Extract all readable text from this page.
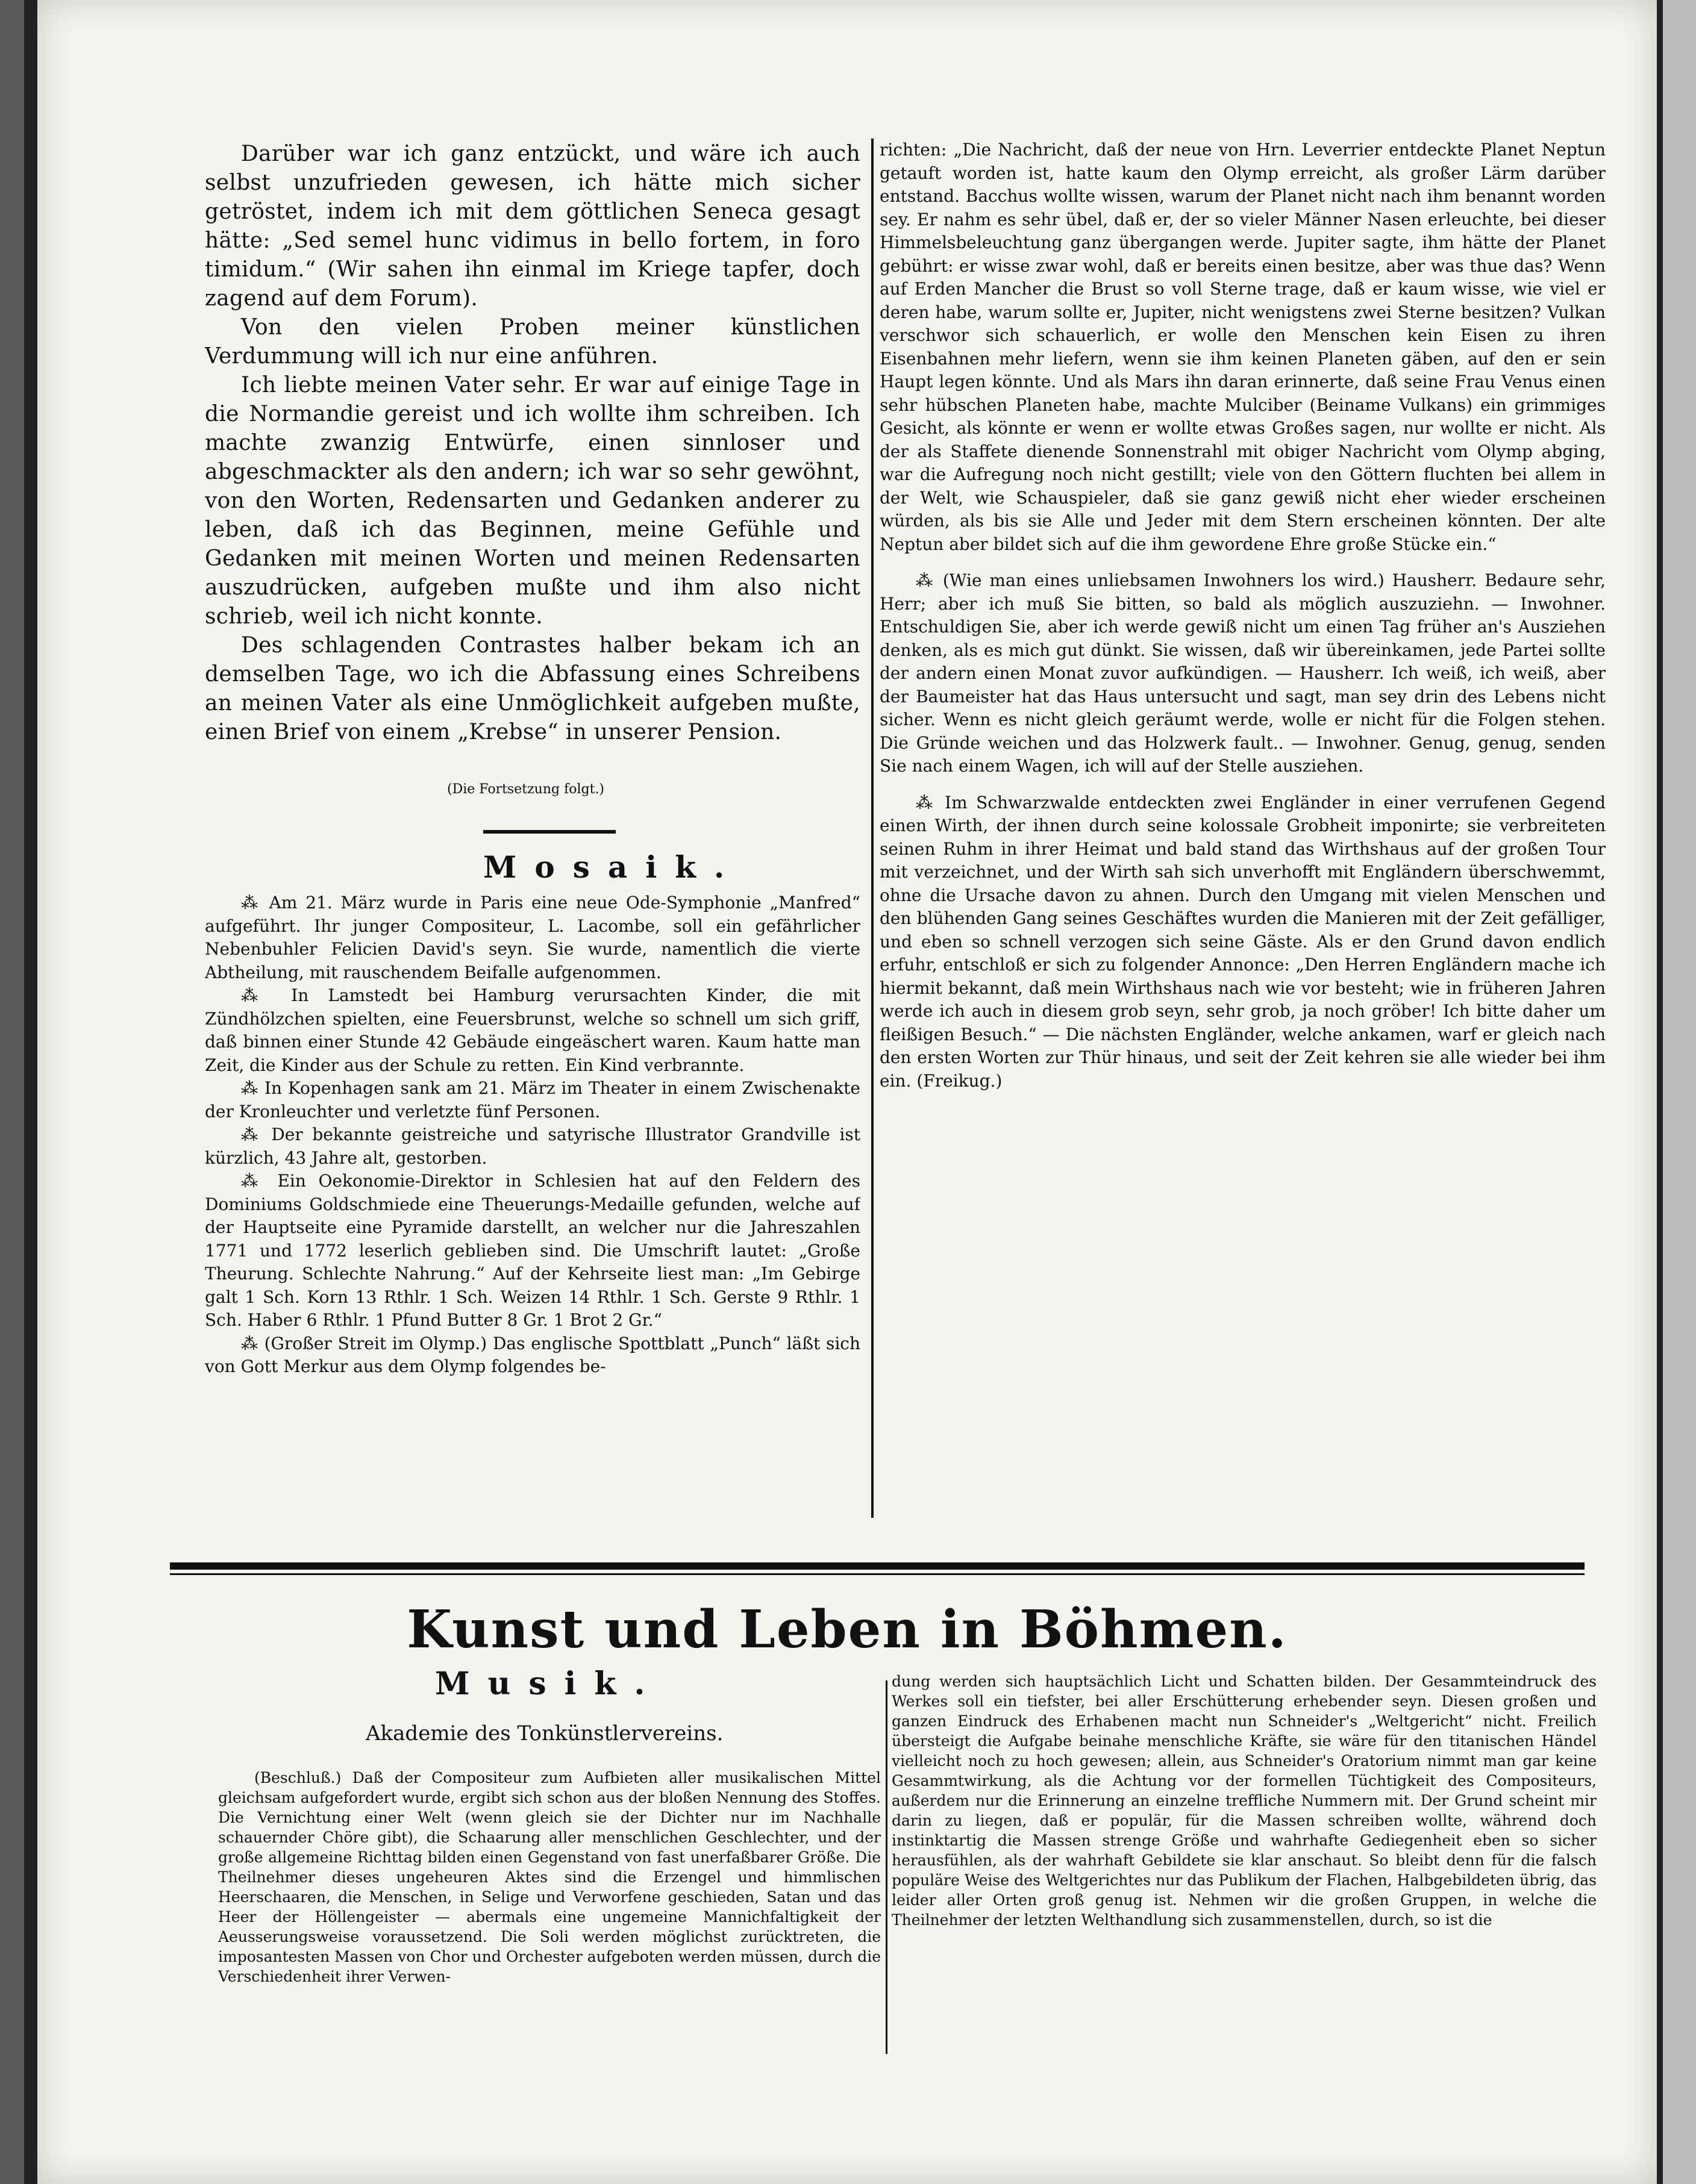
Darüber war ich ganz entzückt, und wäre ich auch selbst unzufrieden gewesen, ich hätte mich sicher getröstet, indem ich mit dem göttlichen Seneca gesagt hätte: „Sed semel hunc vidimus in bello fortem, in foro timidum.“ (Wir sahen ihn einmal im Kriege tapfer, doch zagend auf dem Forum).

Von den vielen Proben meiner künstlichen Verdummung will ich nur eine anführen.

Ich liebte meinen Vater sehr. Er war auf einige Tage in die Normandie gereist und ich wollte ihm schreiben. Ich machte zwanzig Entwürfe, einen sinnloser und abgeschmackter als den andern; ich war so sehr gewöhnt, von den Worten, Redensarten und Gedanken anderer zu leben, daß ich das Beginnen, meine Gefühle und Gedanken mit meinen Worten und meinen Redensarten auszudrücken, aufgeben mußte und ihm also nicht schrieb, weil ich nicht konnte.

Des schlagenden Contrastes halber bekam ich an demselben Tage, wo ich die Abfassung eines Schreibens an meinen Vater als eine Unmöglichkeit aufgeben mußte, einen Brief von einem „Krebse“ in unserer Pension.

(Die Fortsetzung folgt.)
Mosaik.

⁂ Am 21. März wurde in Paris eine neue Ode-Symphonie „Manfred“ aufgeführt. Ihr junger Compositeur, L. Lacombe, soll ein gefährlicher Nebenbuhler Felicien David's seyn. Sie wurde, namentlich die vierte Abtheilung, mit rauschendem Beifalle aufgenommen.

⁂ In Lamstedt bei Hamburg verursachten Kinder, die mit Zündhölzchen spielten, eine Feuersbrunst, welche so schnell um sich griff, daß binnen einer Stunde 42 Gebäude eingeäschert waren. Kaum hatte man Zeit, die Kinder aus der Schule zu retten. Ein Kind verbrannte.

⁂ In Kopenhagen sank am 21. März im Theater in einem Zwischenakte der Kronleuchter und verletzte fünf Personen.

⁂ Der bekannte geistreiche und satyrische Illustrator Grandville ist kürzlich, 43 Jahre alt, gestorben.

⁂ Ein Oekonomie-Direktor in Schlesien hat auf den Feldern des Dominiums Goldschmiede eine Theuerungs-Medaille gefunden, welche auf der Hauptseite eine Pyramide darstellt, an welcher nur die Jahreszahlen 1771 und 1772 leserlich geblieben sind. Die Umschrift lautet: „Große Theurung. Schlechte Nahrung.“ Auf der Kehrseite liest man: „Im Gebirge galt 1 Sch. Korn 13 Rthlr. 1 Sch. Weizen 14 Rthlr. 1 Sch. Gerste 9 Rthlr. 1 Sch. Haber 6 Rthlr. 1 Pfund Butter 8 Gr. 1 Brot 2 Gr.“

⁂ (Großer Streit im Olymp.) Das englische Spottblatt „Punch“ läßt sich von Gott Merkur aus dem Olymp folgendes be-

richten: „Die Nachricht, daß der neue von Hrn. Leverrier entdeckte Planet Neptun getauft worden ist, hatte kaum den Olymp erreicht, als großer Lärm darüber entstand. Bacchus wollte wissen, warum der Planet nicht nach ihm benannt worden sey. Er nahm es sehr übel, daß er, der so vieler Männer Nasen erleuchte, bei dieser Himmelsbeleuchtung ganz übergangen werde. Jupiter sagte, ihm hätte der Planet gebührt: er wisse zwar wohl, daß er bereits einen besitze, aber was thue das? Wenn auf Erden Mancher die Brust so voll Sterne trage, daß er kaum wisse, wie viel er deren habe, warum sollte er, Jupiter, nicht wenigstens zwei Sterne besitzen? Vulkan verschwor sich schauerlich, er wolle den Menschen kein Eisen zu ihren Eisenbahnen mehr liefern, wenn sie ihm keinen Planeten gäben, auf den er sein Haupt legen könnte. Und als Mars ihn daran erinnerte, daß seine Frau Venus einen sehr hübschen Planeten habe, machte Mulciber (Beiname Vulkans) ein grimmiges Gesicht, als könnte er wenn er wollte etwas Großes sagen, nur wollte er nicht. Als der als Staffete dienende Sonnenstrahl mit obiger Nachricht vom Olymp abging, war die Aufregung noch nicht gestillt; viele von den Göttern fluchten bei allem in der Welt, wie Schauspieler, daß sie ganz gewiß nicht eher wieder erscheinen würden, als bis sie Alle und Jeder mit dem Stern erscheinen könnten. Der alte Neptun aber bildet sich auf die ihm gewordene Ehre große Stücke ein.“

⁂ (Wie man eines unliebsamen Inwohners los wird.) Hausherr. Bedaure sehr, Herr; aber ich muß Sie bitten, so bald als möglich auszuziehn. — Inwohner. Entschuldigen Sie, aber ich werde gewiß nicht um einen Tag früher an's Ausziehen denken, als es mich gut dünkt. Sie wissen, daß wir übereinkamen, jede Partei sollte der andern einen Monat zuvor aufkündigen. — Hausherr. Ich weiß, ich weiß, aber der Baumeister hat das Haus untersucht und sagt, man sey drin des Lebens nicht sicher. Wenn es nicht gleich geräumt werde, wolle er nicht für die Folgen stehen. Die Gründe weichen und das Holzwerk fault.. — Inwohner. Genug, genug, senden Sie nach einem Wagen, ich will auf der Stelle ausziehen.

⁂ Im Schwarzwalde entdeckten zwei Engländer in einer verrufenen Gegend einen Wirth, der ihnen durch seine kolossale Grobheit imponirte; sie verbreiteten seinen Ruhm in ihrer Heimat und bald stand das Wirthshaus auf der großen Tour mit verzeichnet, und der Wirth sah sich unverhofft mit Engländern überschwemmt, ohne die Ursache davon zu ahnen. Durch den Umgang mit vielen Menschen und den blühenden Gang seines Geschäftes wurden die Manieren mit der Zeit gefälliger, und eben so schnell verzogen sich seine Gäste. Als er den Grund davon endlich erfuhr, entschloß er sich zu folgender Annonce: „Den Herren Engländern mache ich hiermit bekannt, daß mein Wirthshaus nach wie vor besteht; wie in früheren Jahren werde ich auch in diesem grob seyn, sehr grob, ja noch gröber! Ich bitte daher um fleißigen Besuch.“ — Die nächsten Engländer, welche ankamen, warf er gleich nach den ersten Worten zur Thür hinaus, und seit der Zeit kehren sie alle wieder bei ihm ein. (Freikug.)

Kunst und Leben in Böhmen.
Musik.
Akademie des Tonkünstlervereins.

(Beschluß.) Daß der Compositeur zum Aufbieten aller musikalischen Mittel gleichsam aufgefordert wurde, ergibt sich schon aus der bloßen Nennung des Stoffes. Die Vernichtung einer Welt (wenn gleich sie der Dichter nur im Nachhalle schauernder Chöre gibt), die Schaarung aller menschlichen Geschlechter, und der große allgemeine Richttag bilden einen Gegenstand von fast unerfaßbarer Größe. Die Theilnehmer dieses ungeheuren Aktes sind die Erzengel und himmlischen Heerschaaren, die Menschen, in Selige und Verworfene geschieden, Satan und das Heer der Höllengeister — abermals eine ungemeine Mannichfaltigkeit der Aeusserungsweise voraussetzend. Die Soli werden möglichst zurücktreten, die imposantesten Massen von Chor und Orchester aufgeboten werden müssen, durch die Verschiedenheit ihrer Verwen-

dung werden sich hauptsächlich Licht und Schatten bilden. Der Gesammteindruck des Werkes soll ein tiefster, bei aller Erschütterung erhebender seyn. Diesen großen und ganzen Eindruck des Erhabenen macht nun Schneider's „Weltgericht“ nicht. Freilich übersteigt die Aufgabe beinahe menschliche Kräfte, sie wäre für den titanischen Händel vielleicht noch zu hoch gewesen; allein, aus Schneider's Oratorium nimmt man gar keine Gesammtwirkung, als die Achtung vor der formellen Tüchtigkeit des Compositeurs, außerdem nur die Erinnerung an einzelne treffliche Nummern mit. Der Grund scheint mir darin zu liegen, daß er populär, für die Massen schreiben wollte, während doch instinktartig die Massen strenge Größe und wahrhafte Gediegenheit eben so sicher herausfühlen, als der wahrhaft Gebildete sie klar anschaut. So bleibt denn für die falsch populäre Weise des Weltgerichtes nur das Publikum der Flachen, Halbgebildeten übrig, das leider aller Orten groß genug ist. Nehmen wir die großen Gruppen, in welche die Theilnehmer der letzten Welthandlung sich zusammenstellen, durch, so ist die
